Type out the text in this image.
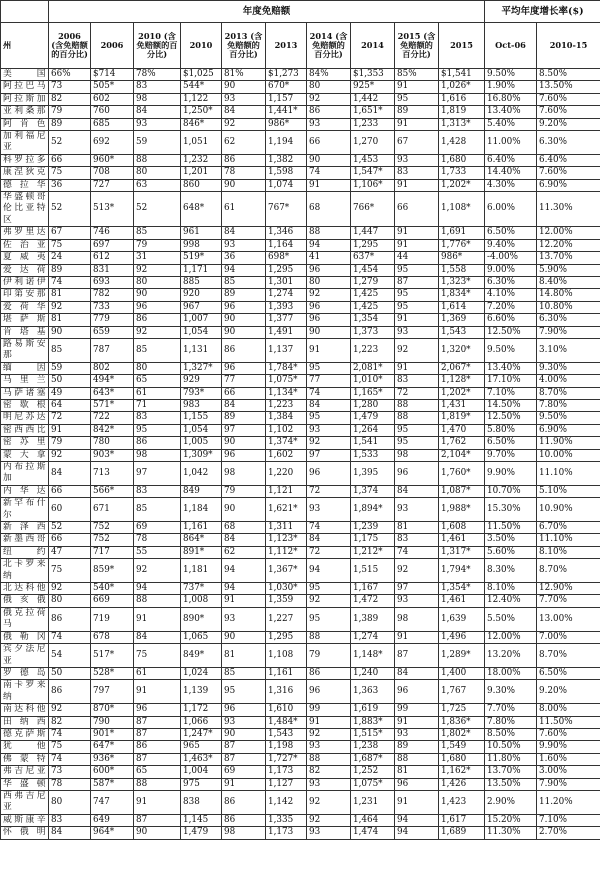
	年度免赔额										平均年度增长率($)	
州	2006 (含免赔额的百分比)	2006	2010 (含免赔额的百分比)	2010	2013 (含免赔额的百分比)	2013	2014 (含免赔额的百分比)	2014	2015 (含免赔额的百分比)	2015	Oct-06	2010-15
美国	66%	$714	78%	$1,025	81%	$1,273	84%	$1,353	85%	$1,541	9.50%	8.50%
阿拉巴马	73	505*	83	544*	90	670*	80	925*	91	1,026*	1.90%	13.50%
阿拉斯加	82	602	98	1,122	93	1,157	92	1,442	95	1,616	16.80%	7.60%
亚利桑那	79	760	84	1,250*	84	1,441*	86	1,651*	89	1,819	13.40%	7.60%
阿肯色	89	685	93	846*	92	986*	93	1,233	91	1,313*	5.40%	9.20%
加利福尼亚	52	692	59	1,051	62	1,194	66	1,270	67	1,428	11.00%	6.30%
科罗拉多	66	960*	88	1,232	86	1,382	90	1,453	93	1,680	6.40%	6.40%
康涅狄克	75	708	80	1,201	78	1,598	74	1,547*	83	1,733	14.40%	7.60%
德拉华	36	727	63	860	90	1,074	91	1,106*	91	1,202*	4.30%	6.90%
华盛顿哥伦比亚特区	52	513*	52	648*	61	767*	68	766*	66	1,108*	6.00%	11.30%
弗罗里达	67	746	85	961	84	1,346	88	1,447	91	1,691	6.50%	12.00%
佐治亚	75	697	79	998	93	1,164	94	1,295	91	1,776*	9.40%	12.20%
夏威夷	24	612	31	519*	36	698*	41	637*	44	986*	-4.00%	13.70%
爱达荷	89	831	92	1,171	94	1,295	96	1,454	95	1,558	9.00%	5.90%
伊利诺伊	74	693	80	885	85	1,301	80	1,279	87	1,323*	6.30%	8.40%
印第安那	81	782	90	920	89	1,274	92	1,425	95	1,834*	4.10%	14.80%
爱荷华	92	733	96	967	96	1,393	96	1,425	95	1,614	7.20%	10.80%
堪萨斯	81	779	86	1,007	90	1,377	96	1,354	91	1,369	6.60%	6.30%
肯塔基	90	659	92	1,054	90	1,491	90	1,373	93	1,543	12.50%	7.90%
路易斯安那	85	787	85	1,131	86	1,137	91	1,223	92	1,320*	9.50%	3.10%
缅因	59	802	80	1,327*	96	1,784*	95	2,081*	91	2,067*	13.40%	9.30%
马里兰	50	494*	65	929	77	1,075*	77	1,010*	83	1,128*	17.10%	4.00%
马萨诸塞	49	643*	61	793*	66	1,134*	74	1,165*	72	1,202*	7.10%	8.70%
密歇根	64	571*	71	983	84	1,223	84	1,280	88	1,431	14.50%	7.80%
明尼苏达	72	722	83	1,155	89	1,384	95	1,479	88	1,819*	12.50%	9.50%
密西西比	91	842*	95	1,054	97	1,102	93	1,264	95	1,470	5.80%	6.90%
密苏里	79	780	86	1,005	90	1,374*	92	1,541	95	1,762	6.50%	11.90%
蒙大拿	92	903*	98	1,309*	96	1,602	97	1,533	98	2,104*	9.70%	10.00%
内布拉斯加	84	713	97	1,042	98	1,220	96	1,395	96	1,760*	9.90%	11.10%
内华达	66	566*	83	849	79	1,121	72	1,374	84	1,087*	10.70%	5.10%
新罕布什尔	60	671	85	1,184	90	1,621*	93	1,894*	93	1,988*	15.30%	10.90%
新泽西	52	752	69	1,161	68	1,311	74	1,239	81	1,608	11.50%	6.70%
新墨西哥	66	752	78	864*	84	1,123*	84	1,175	83	1,461	3.50%	11.10%
纽约	47	717	55	891*	62	1,112*	72	1,212*	74	1,317*	5.60%	8.10%
北卡罗来纳	75	859*	92	1,181	94	1,367*	94	1,515	92	1,794*	8.30%	8.70%
北达科他	92	540*	94	737*	94	1,030*	95	1,167	97	1,354*	8.10%	12.90%
俄亥俄	80	669	88	1,008	91	1,359	92	1,472	93	1,461	12.40%	7.70%
俄克拉荷马	86	719	91	890*	93	1,227	95	1,389	98	1,639	5.50%	13.00%
俄勒冈	74	678	84	1,065	90	1,295	88	1,274	91	1,496	12.00%	7.00%
宾夕法尼亚	54	517*	75	849*	81	1,108	79	1,148*	87	1,289*	13.20%	8.70%
罗德岛	50	528*	61	1,024	85	1,161	86	1,240	84	1,400	18.00%	6.50%
南卡罗来纳	86	797	91	1,139	95	1,316	96	1,363	96	1,767	9.30%	9.20%
南达科他	92	870*	96	1,172	96	1,610	99	1,619	99	1,725	7.70%	8.00%
田纳西	82	790	87	1,066	93	1,484*	91	1,883*	91	1,836*	7.80%	11.50%
德克萨斯	74	901*	87	1,247*	90	1,543	92	1,515*	93	1,802*	8.50%	7.60%
犹他	75	647*	86	965	87	1,198	93	1,238	89	1,549	10.50%	9.90%
佛蒙特	74	936*	87	1,463*	87	1,727*	88	1,687*	88	1,680	11.80%	1.60%
弗吉尼亚	73	600*	65	1,004	69	1,173	82	1,252	81	1,162*	13.70%	3.00%
华盛顿	78	587*	88	975	91	1,127	93	1,075*	96	1,426	13.50%	7.90%
西弗吉尼亚	80	747	91	838	86	1,142	92	1,231	91	1,423	2.90%	11.20%
威斯康辛	83	649	87	1,145	86	1,335	92	1,464	94	1,617	15.20%	7.10%
怀俄明	84	964*	90	1,479	98	1,173	93	1,474	94	1,689	11.30%	2.70%
